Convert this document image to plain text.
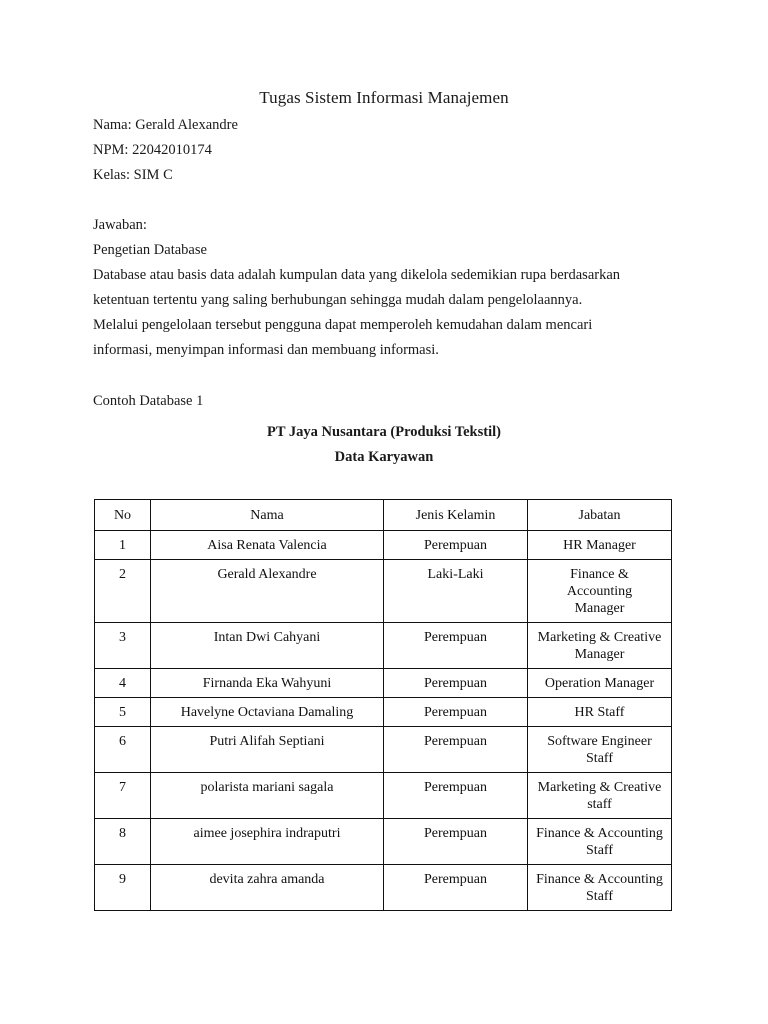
Tugas Sistem Informasi Manajemen
Nama: Gerald Alexandre
NPM: 22042010174
Kelas: SIM C
Jawaban:
Pengetian Database
Database atau basis data adalah kumpulan data yang dikelola sedemikian rupa berdasarkan
ketentuan tertentu yang saling berhubungan sehingga mudah dalam pengelolaannya.
Melalui pengelolaan tersebut pengguna dapat memperoleh kemudahan dalam mencari
informasi, menyimpan informasi dan membuang informasi.
Contoh Database 1
PT Jaya Nusantara (Produksi Tekstil)
Data Karyawan
No	Nama	Jenis Kelamin	Jabatan
1	Aisa Renata Valencia	Perempuan	HR Manager
2	Gerald Alexandre	Laki-Laki	Finance & Accounting Manager
3	Intan Dwi Cahyani	Perempuan	Marketing & Creative Manager
4	Firnanda Eka Wahyuni	Perempuan	Operation Manager
5	Havelyne Octaviana Damaling	Perempuan	HR Staff
6	Putri Alifah Septiani	Perempuan	Software Engineer Staff
7	polarista mariani sagala	Perempuan	Marketing & Creative staff
8	aimee josephira indraputri	Perempuan	Finance & Accounting Staff
9	devita zahra amanda	Perempuan	Finance & Accounting Staff
